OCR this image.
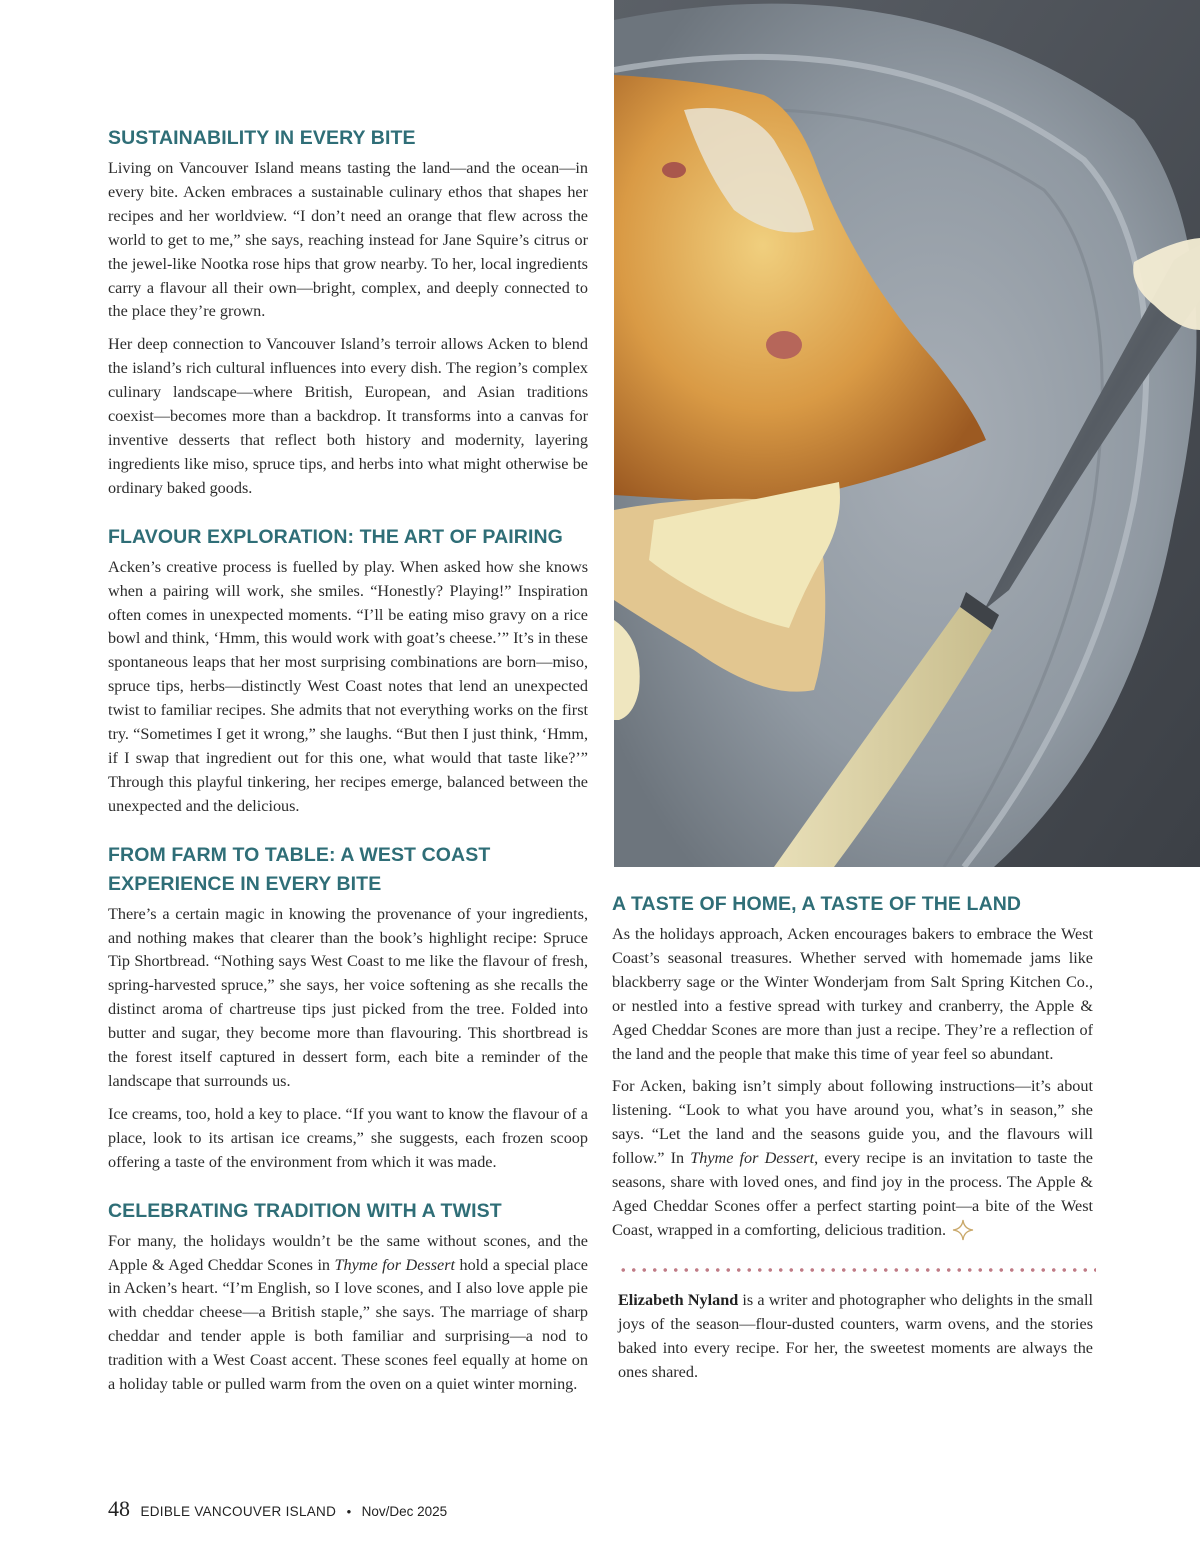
SUSTAINABILITY IN EVERY BITE

Living on Vancouver Island means tasting the land—and the ocean—in every bite. Acken embraces a sustainable culinary ethos that shapes her recipes and her worldview. “I don’t need an orange that flew across the world to get to me,” she says, reaching instead for Jane Squire’s citrus or the jewel-like Nootka rose hips that grow nearby. To her, local ingredients carry a flavour all their own—bright, complex, and deeply connected to the place they’re grown.

Her deep connection to Vancouver Island’s terroir allows Acken to blend the island’s rich cultural influences into every dish. The region’s complex culinary landscape—where British, European, and Asian traditions coexist—becomes more than a backdrop. It transforms into a canvas for inventive desserts that reflect both history and modernity, layering ingredients like miso, spruce tips, and herbs into what might otherwise be ordinary baked goods.

FLAVOUR EXPLORATION: THE ART OF PAIRING

Acken’s creative process is fuelled by play. When asked how she knows when a pairing will work, she smiles. “Honestly? Playing!” Inspiration often comes in unexpected moments. “I’ll be eating miso gravy on a rice bowl and think, ‘Hmm, this would work with goat’s cheese.’” It’s in these spontaneous leaps that her most surprising combinations are born—miso, spruce tips, herbs—distinctly West Coast notes that lend an unexpected twist to familiar recipes. She admits that not everything works on the first try. “Sometimes I get it wrong,” she laughs. “But then I just think, ‘Hmm, if I swap that ingredient out for this one, what would that taste like?’” Through this playful tinkering, her recipes emerge, balanced between the unexpected and the delicious.

FROM FARM TO TABLE: A WEST COAST EXPERIENCE IN EVERY BITE

There’s a certain magic in knowing the provenance of your ingredients, and nothing makes that clearer than the book’s highlight recipe: Spruce Tip Shortbread. “Nothing says West Coast to me like the flavour of fresh, spring-harvested spruce,” she says, her voice softening as she recalls the distinct aroma of chartreuse tips just picked from the tree. Folded into butter and sugar, they become more than flavouring. This shortbread is the forest itself captured in dessert form, each bite a reminder of the landscape that surrounds us.

Ice creams, too, hold a key to place. “If you want to know the flavour of a place, look to its artisan ice creams,” she suggests, each frozen scoop offering a taste of the environment from which it was made.

CELEBRATING TRADITION WITH A TWIST

For many, the holidays wouldn’t be the same without scones, and the Apple & Aged Cheddar Scones in Thyme for Dessert hold a special place in Acken’s heart. “I’m English, so I love scones, and I also love apple pie with cheddar cheese—a British staple,” she says. The marriage of sharp cheddar and tender apple is both familiar and surprising—a nod to tradition with a West Coast accent. These scones feel equally at home on a holiday table or pulled warm from the oven on a quiet winter morning.

A TASTE OF HOME, A TASTE OF THE LAND

As the holidays approach, Acken encourages bakers to embrace the West Coast’s seasonal treasures. Whether served with homemade jams like blackberry sage or the Winter Wonderjam from Salt Spring Kitchen Co., or nestled into a festive spread with turkey and cranberry, the Apple & Aged Cheddar Scones are more than just a recipe. They’re a reflection of the land and the people that make this time of year feel so abundant.

For Acken, baking isn’t simply about following instructions—it’s about listening. “Look to what you have around you, what’s in season,” she says. “Let the land and the seasons guide you, and the flavours will follow.” In Thyme for Dessert, every recipe is an invitation to taste the seasons, share with loved ones, and find joy in the process. The Apple & Aged Cheddar Scones offer a perfect starting point—a bite of the West Coast, wrapped in a comforting, delicious tradition.

Elizabeth Nyland is a writer and photographer who delights in the small joys of the season—flour-dusted counters, warm ovens, and the stories baked into every recipe. For her, the sweetest moments are always the ones shared.

48 EDIBLE VANCOUVER ISLAND • Nov/Dec 2025
